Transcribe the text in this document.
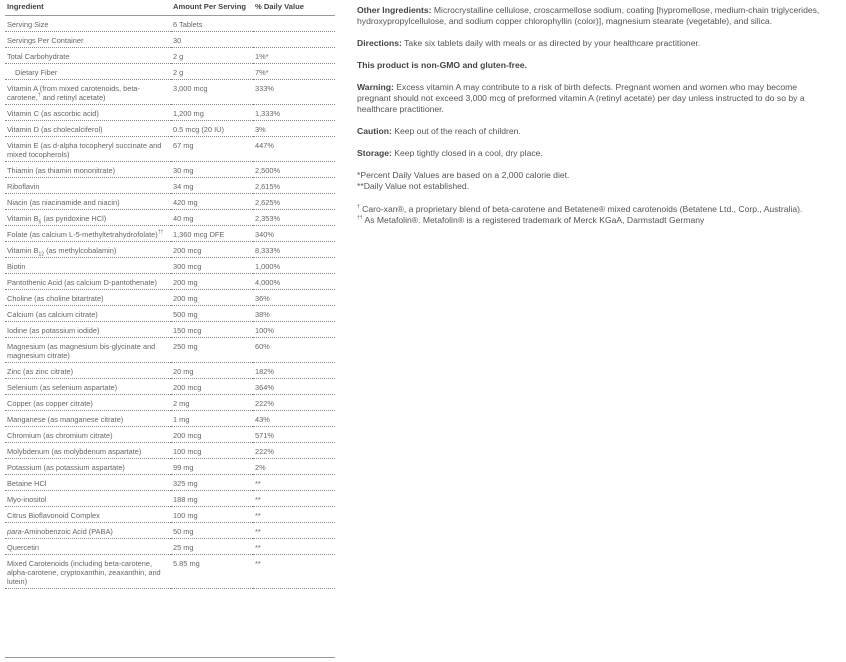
Ingredient	Amount Per Serving	% Daily Value
Serving Size	6 Tablets	
Servings Per Container	30	
Total Carbohydrate	2 g	1%*
Dietary Fiber	2 g	7%*
Vitamin A (from mixed carotenoids, beta-carotene,† and retinyl acetate)	3,000 mcg	333%
Vitamin C (as ascorbic acid)	1,200 mg	1,333%
Vitamin D (as cholecalciferol)	0.5 mcg (20 IU)	3%
Vitamin E (as d-alpha tocopheryl succinate and mixed tocopherols)	67 mg	447%
Thiamin (as thiamin mononitrate)	30 mg	2,500%
Riboflavin	34 mg	2,615%
Niacin (as niacinamide and niacin)	420 mg	2,625%
Vitamin $B_6$ (as pyridoxine HCl)	40 mg	2,353%
Folate (as calcium L-5-methyltetrahydrofolate)††	1,360 mcg DFE	340%
Vitamin $B_{12}$ (as methylcobalamin)	200 mcg	8,333%
Biotin	300 mcg	1,000%
Pantothenic Acid (as calcium D-pantothenate)	200 mg	4,000%
Choline (as choline bitartrate)	200 mg	36%
Calcium (as calcium citrate)	500 mg	38%
Iodine (as potassium iodide)	150 mcg	100%
Magnesium (as magnesium bis-glycinate and magnesium citrate)	250 mg	60%
Zinc (as zinc citrate)	20 mg	182%
Selenium (as selenium aspartate)	200 mcg	364%
Copper (as copper citrate)	2 mg	222%
Manganese (as manganese citrate)	1 mg	43%
Chromium (as chromium citrate)	200 mcg	571%
Molybdenum (as molybdenum aspartate)	100 mcg	222%
Potassium (as potassium aspartate)	99 mg	2%
Betaine HCl	325 mg	**
Myo-inositol	188 mg	**
Citrus Bioflavonoid Complex	100 mg	**
para-Aminobenzoic Acid (PABA)	50 mg	**
Quercetin	25 mg	**
Mixed Carotenoids (including beta-carotene, alpha-carotene, cryptoxanthin, zeaxanthin, and lutein)	5.85 mg	**

Other Ingredients: Microcrystalline cellulose, croscarmellose sodium, coating [hypromellose, medium-chain triglycerides, hydroxypropylcellulose, and sodium copper chlorophyllin (color)], magnesium stearate (vegetable), and silica.

Directions: Take six tablets daily with meals or as directed by your healthcare practitioner.

This product is non-GMO and gluten-free.

Warning: Excess vitamin A may contribute to a risk of birth defects. Pregnant women and women who may become pregnant should not exceed 3,000 mcg of preformed vitamin A (retinyl acetate) per day unless instructed to do so by a healthcare practitioner.

Caution: Keep out of the reach of children.

Storage: Keep tightly closed in a cool, dry place.

*Percent Daily Values are based on a 2,000 calorie diet.

**Daily Value not established.

† Caro-xan®, a proprietary blend of beta-carotene and Betatene® mixed carotenoids (Betatene Ltd., Corp., Australia).

†† As Metafolin®. Metafolin® is a registered trademark of Merck KGaA, Darmstadt Germany
